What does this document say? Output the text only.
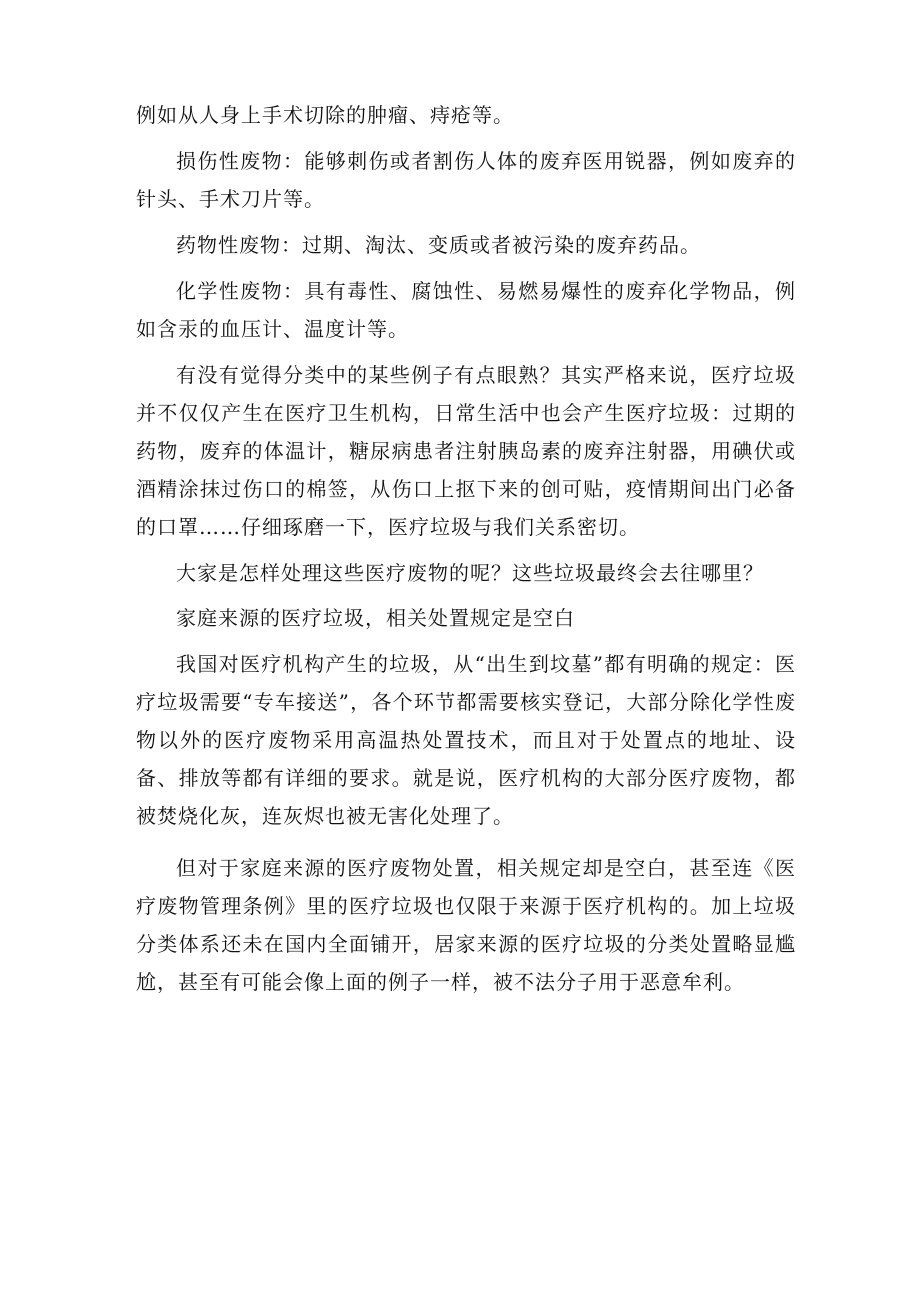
例如从人身上手术切除的肿瘤、痔疮等。

损伤性废物：能够刺伤或者割伤人体的废弃医用锐器，例如废弃的针头、手术刀片等。

药物性废物：过期、淘汰、变质或者被污染的废弃药品。

化学性废物：具有毒性、腐蚀性、易燃易爆性的废弃化学物品，例如含汞的血压计、温度计等。

有没有觉得分类中的某些例子有点眼熟？其实严格来说，医疗垃圾并不仅仅产生在医疗卫生机构，日常生活中也会产生医疗垃圾：过期的药物，废弃的体温计，糖尿病患者注射胰岛素的废弃注射器，用碘伏或酒精涂抹过伤口的棉签，从伤口上抠下来的创可贴，疫情期间出门必备的口罩……仔细琢磨一下，医疗垃圾与我们关系密切。

大家是怎样处理这些医疗废物的呢？这些垃圾最终会去往哪里？

家庭来源的医疗垃圾，相关处置规定是空白

我国对医疗机构产生的垃圾，从“出生到坟墓”都有明确的规定：医疗垃圾需要“专车接送”，各个环节都需要核实登记，大部分除化学性废物以外的医疗废物采用高温热处置技术，而且对于处置点的地址、设备、排放等都有详细的要求。就是说，医疗机构的大部分医疗废物，都被焚烧化灰，连灰烬也被无害化处理了。

但对于家庭来源的医疗废物处置，相关规定却是空白，甚至连《医疗废物管理条例》里的医疗垃圾也仅限于来源于医疗机构的。加上垃圾分类体系还未在国内全面铺开，居家来源的医疗垃圾的分类处置略显尴尬，甚至有可能会像上面的例子一样，被不法分子用于恶意牟利。
